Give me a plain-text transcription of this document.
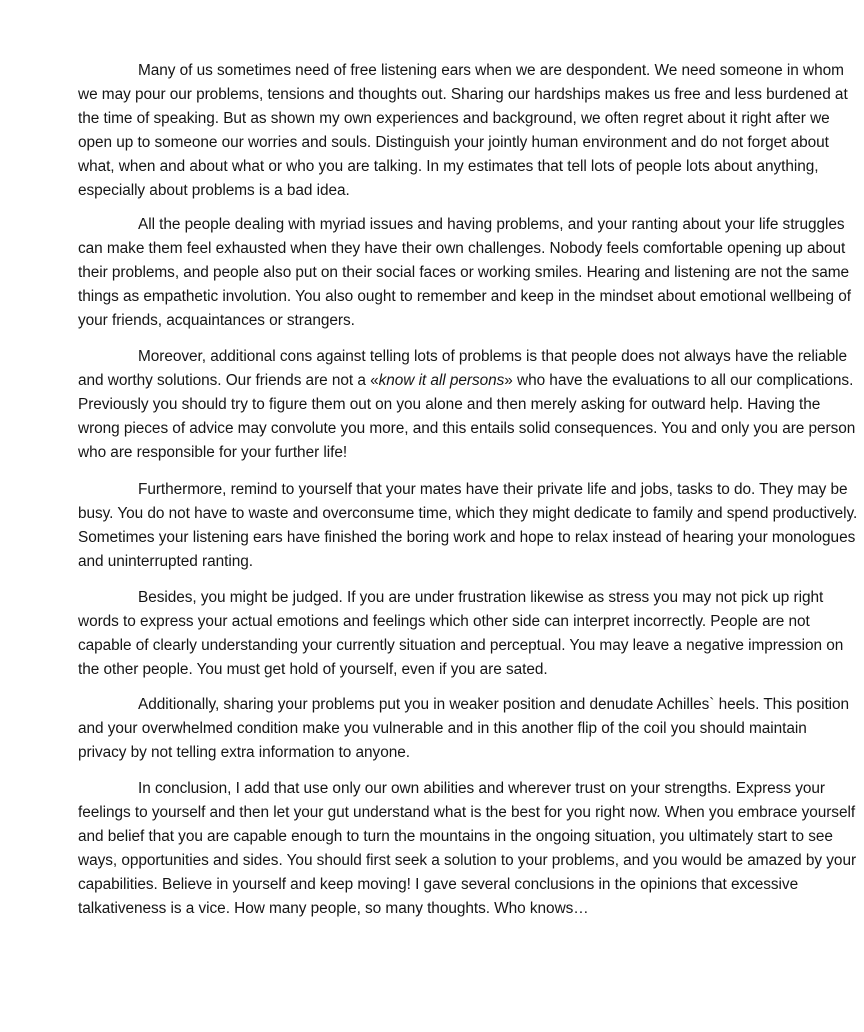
Many of us sometimes need of free listening ears when we are despondent. We need someone in whom we may pour our problems, tensions and thoughts out. Sharing our hardships makes us free and less burdened at the time of speaking. But as shown my own experiences and background, we often regret about it right after we open up to someone our worries and souls. Distinguish your jointly human environment and do not forget about what, when and about what or who you are talking. In my estimates that tell lots of people lots about anything, especially about problems is a bad idea.

All the people dealing with myriad issues and having problems, and your ranting about your life struggles can make them feel exhausted when they have their own challenges. Nobody feels comfortable opening up about their problems, and people also put on their social faces or working smiles. Hearing and listening are not the same things as empathetic involution. You also ought to remember and keep in the mindset about emotional wellbeing of your friends, acquaintances or strangers.

Moreover, additional cons against telling lots of problems is that people does not always have the reliable and worthy solutions. Our friends are not a «know it all persons» who have the evaluations to all our complications. Previously you should try to figure them out on you alone and then merely asking for outward help. Having the wrong pieces of advice may convolute you more, and this entails solid consequences. You and only you are person who are responsible for your further life!

Furthermore, remind to yourself that your mates have their private life and jobs, tasks to do. They may be busy. You do not have to waste and overconsume time, which they might dedicate to family and spend productively. Sometimes your listening ears have finished the boring work and hope to relax instead of hearing your monologues and uninterrupted ranting.

Besides, you might be judged. If you are under frustration likewise as stress you may not pick up right words to express your actual emotions and feelings which other side can interpret incorrectly. People are not capable of clearly understanding your currently situation and perceptual. You may leave a negative impression on the other people. You must get hold of yourself, even if you are sated.

Additionally, sharing your problems put you in weaker position and denudate Achilles` heels. This position and your overwhelmed condition make you vulnerable and in this another flip of the coil you should maintain privacy by not telling extra information to anyone.

In conclusion, I add that use only our own abilities and wherever trust on your strengths. Express your feelings to yourself and then let your gut understand what is the best for you right now. When you embrace yourself and belief that you are capable enough to turn the mountains in the ongoing situation, you ultimately start to see ways, opportunities and sides. You should first seek a solution to your problems, and you would be amazed by your capabilities. Believe in yourself and keep moving! I gave several conclusions in the opinions that excessive talkativeness is a vice. How many people, so many thoughts. Who knows…
